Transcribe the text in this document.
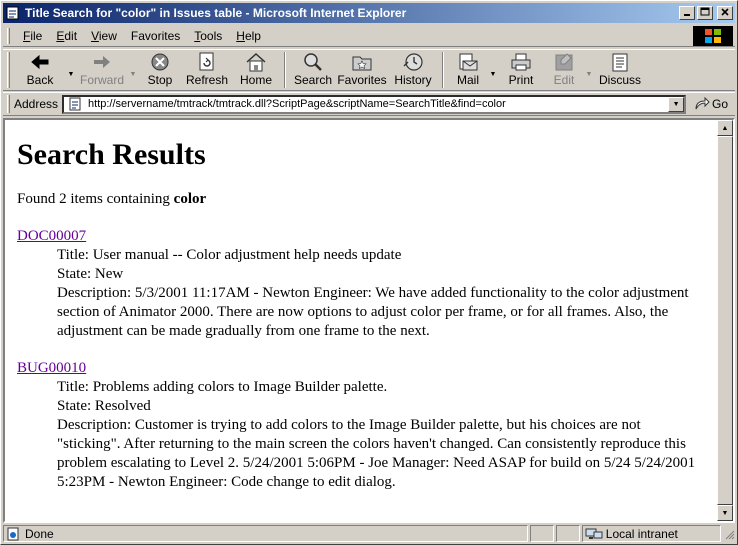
Title Search for "color" in Issues table - Microsoft Internet Explorer
File	Edit	View	Favorites	Tools	Help
Back ▼ Forward ▼ Stop Refresh Home Search Favorites History Mail ▼ Print Edit ▼ Discuss
Address
http://servername/tmtrack/tmtrack.dll?ScriptPage&scriptName=SearchTitle&find=color	▼	Go
Search Results
Found 2 items containing color
DOC00007
Title: User manual -- Color adjustment help needs update
State: New
Description: 5/3/2001 11:17AM - Newton Engineer: We have added functionality to the color adjustment section of Animator 2000. There are now options to adjust color per frame, or for all frames. Also, the adjustment can be made gradually from one frame to the next.
BUG00010
Title: Problems adding colors to Image Builder palette.
State: Resolved
Description: Customer is trying to add colors to the Image Builder palette, but his choices are not "sticking". After returning to the main screen the colors haven't changed. Can consistently reproduce this problem escalating to Level 2. 5/24/2001 5:06PM - Joe Manager: Need ASAP for build on 5/24 5/24/2001 5:23PM - Newton Engineer: Code change to edit dialog.
▲
▼
Done	Local intranet
